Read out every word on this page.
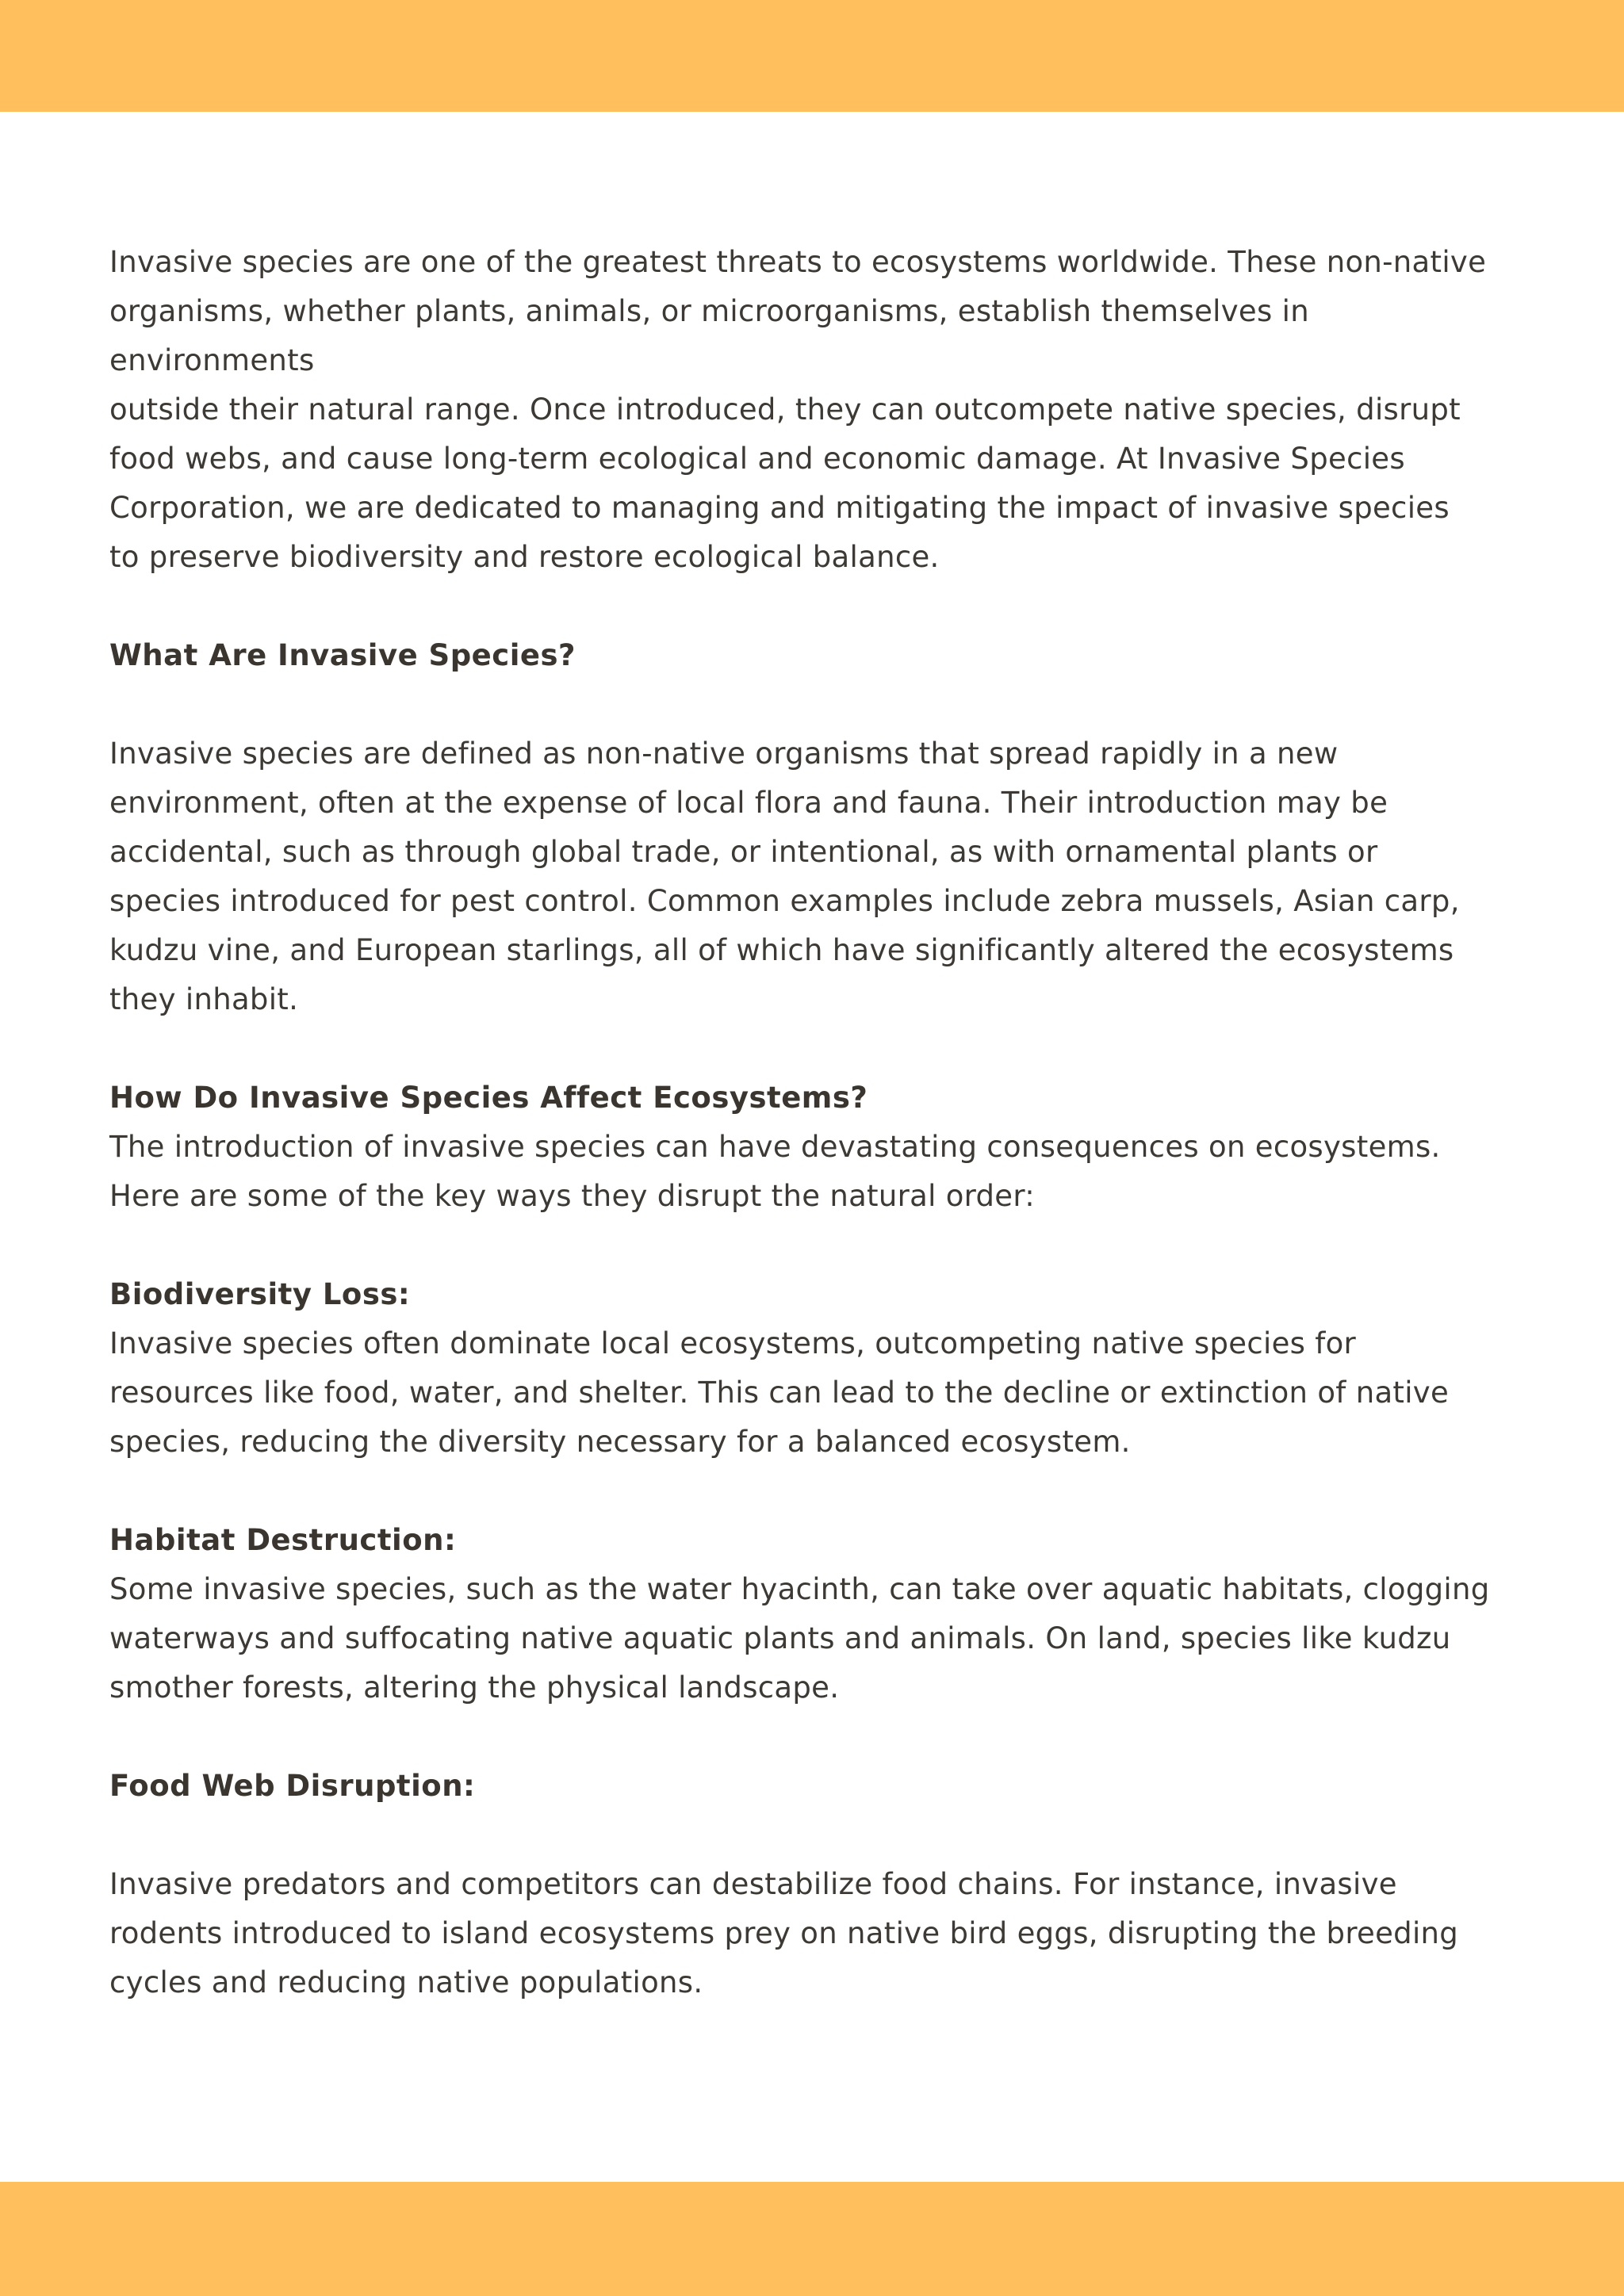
Invasive species are one of the greatest threats to ecosystems worldwide. These non-native
organisms, whether plants, animals, or microorganisms, establish themselves in environments
outside their natural range. Once introduced, they can outcompete native species, disrupt
food webs, and cause long-term ecological and economic damage. At Invasive Species
Corporation, we are dedicated to managing and mitigating the impact of invasive species
to preserve biodiversity and restore ecological balance.

What Are Invasive Species?

Invasive species are defined as non-native organisms that spread rapidly in a new
environment, often at the expense of local flora and fauna. Their introduction may be
accidental, such as through global trade, or intentional, as with ornamental plants or
species introduced for pest control. Common examples include zebra mussels, Asian carp,
kudzu vine, and European starlings, all of which have significantly altered the ecosystems
they inhabit.

How Do Invasive Species Affect Ecosystems?

The introduction of invasive species can have devastating consequences on ecosystems.
Here are some of the key ways they disrupt the natural order:

Biodiversity Loss:

Invasive species often dominate local ecosystems, outcompeting native species for
resources like food, water, and shelter. This can lead to the decline or extinction of native
species, reducing the diversity necessary for a balanced ecosystem.

Habitat Destruction:

Some invasive species, such as the water hyacinth, can take over aquatic habitats, clogging
waterways and suffocating native aquatic plants and animals. On land, species like kudzu
smother forests, altering the physical landscape.

Food Web Disruption:

Invasive predators and competitors can destabilize food chains. For instance, invasive
rodents introduced to island ecosystems prey on native bird eggs, disrupting the breeding
cycles and reducing native populations.
